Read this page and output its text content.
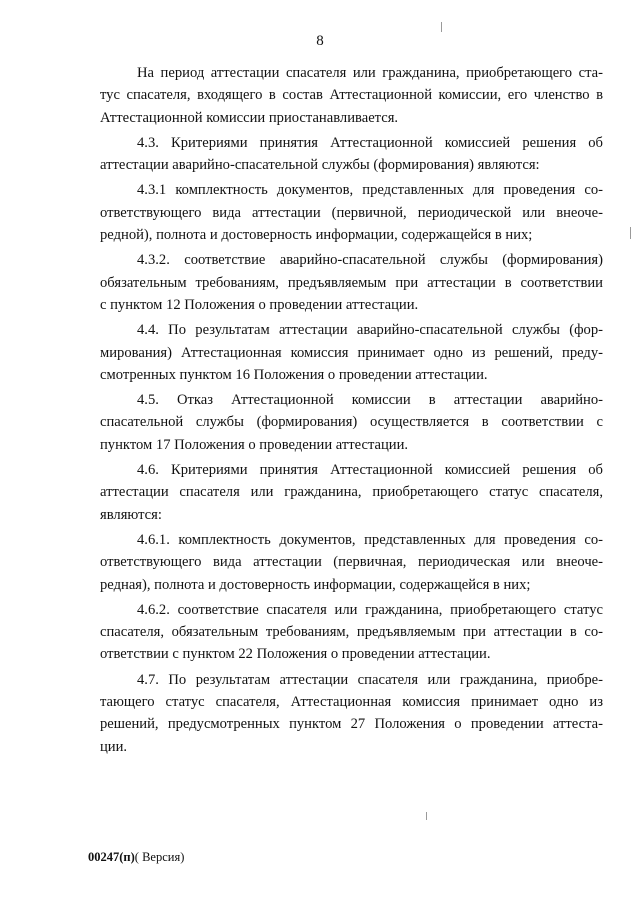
8

На период аттестации спасателя или гражданина, приобретающего ста-
тус спасателя, входящего в состав Аттестационной комиссии, его членство в
Аттестационной комиссии приостанавливается.

4.3. Критериями принятия Аттестационной комиссией решения об
аттестации аварийно-спасательной службы (формирования) являются:

4.3.1 комплектность документов, представленных для проведения со-
ответствующего вида аттестации (первичной, периодической или внеоче-
редной), полнота и достоверность информации, содержащейся в них;

4.3.2. соответствие аварийно-спасательной службы (формирования)
обязательным требованиям, предъявляемым при аттестации в соответствии
с пунктом 12 Положения о проведении аттестации.

4.4. По результатам аттестации аварийно-спасательной службы (фор-
мирования) Аттестационная комиссия принимает одно из решений, преду-
смотренных пунктом 16 Положения о проведении аттестации.

4.5. Отказ Аттестационной комиссии в аттестации аварийно-
спасательной службы (формирования) осуществляется в соответствии с
пунктом 17 Положения о проведении аттестации.

4.6. Критериями принятия Аттестационной комиссией решения об
аттестации спасателя или гражданина, приобретающего статус спасателя,
являются:

4.6.1. комплектность документов, представленных для проведения со-
ответствующего вида аттестации (первичная, периодическая или внеоче-
редная), полнота и достоверность информации, содержащейся в них;

4.6.2. соответствие спасателя или гражданина, приобретающего статус
спасателя, обязательным требованиям, предъявляемым при аттестации в со-
ответствии с пунктом 22 Положения о проведении аттестации.

4.7. По результатам аттестации спасателя или гражданина, приобре-
тающего статус спасателя, Аттестационная комиссия принимает одно из
решений, предусмотренных пунктом 27 Положения о проведении аттеста-
ции.

00247(п)( Версия)
